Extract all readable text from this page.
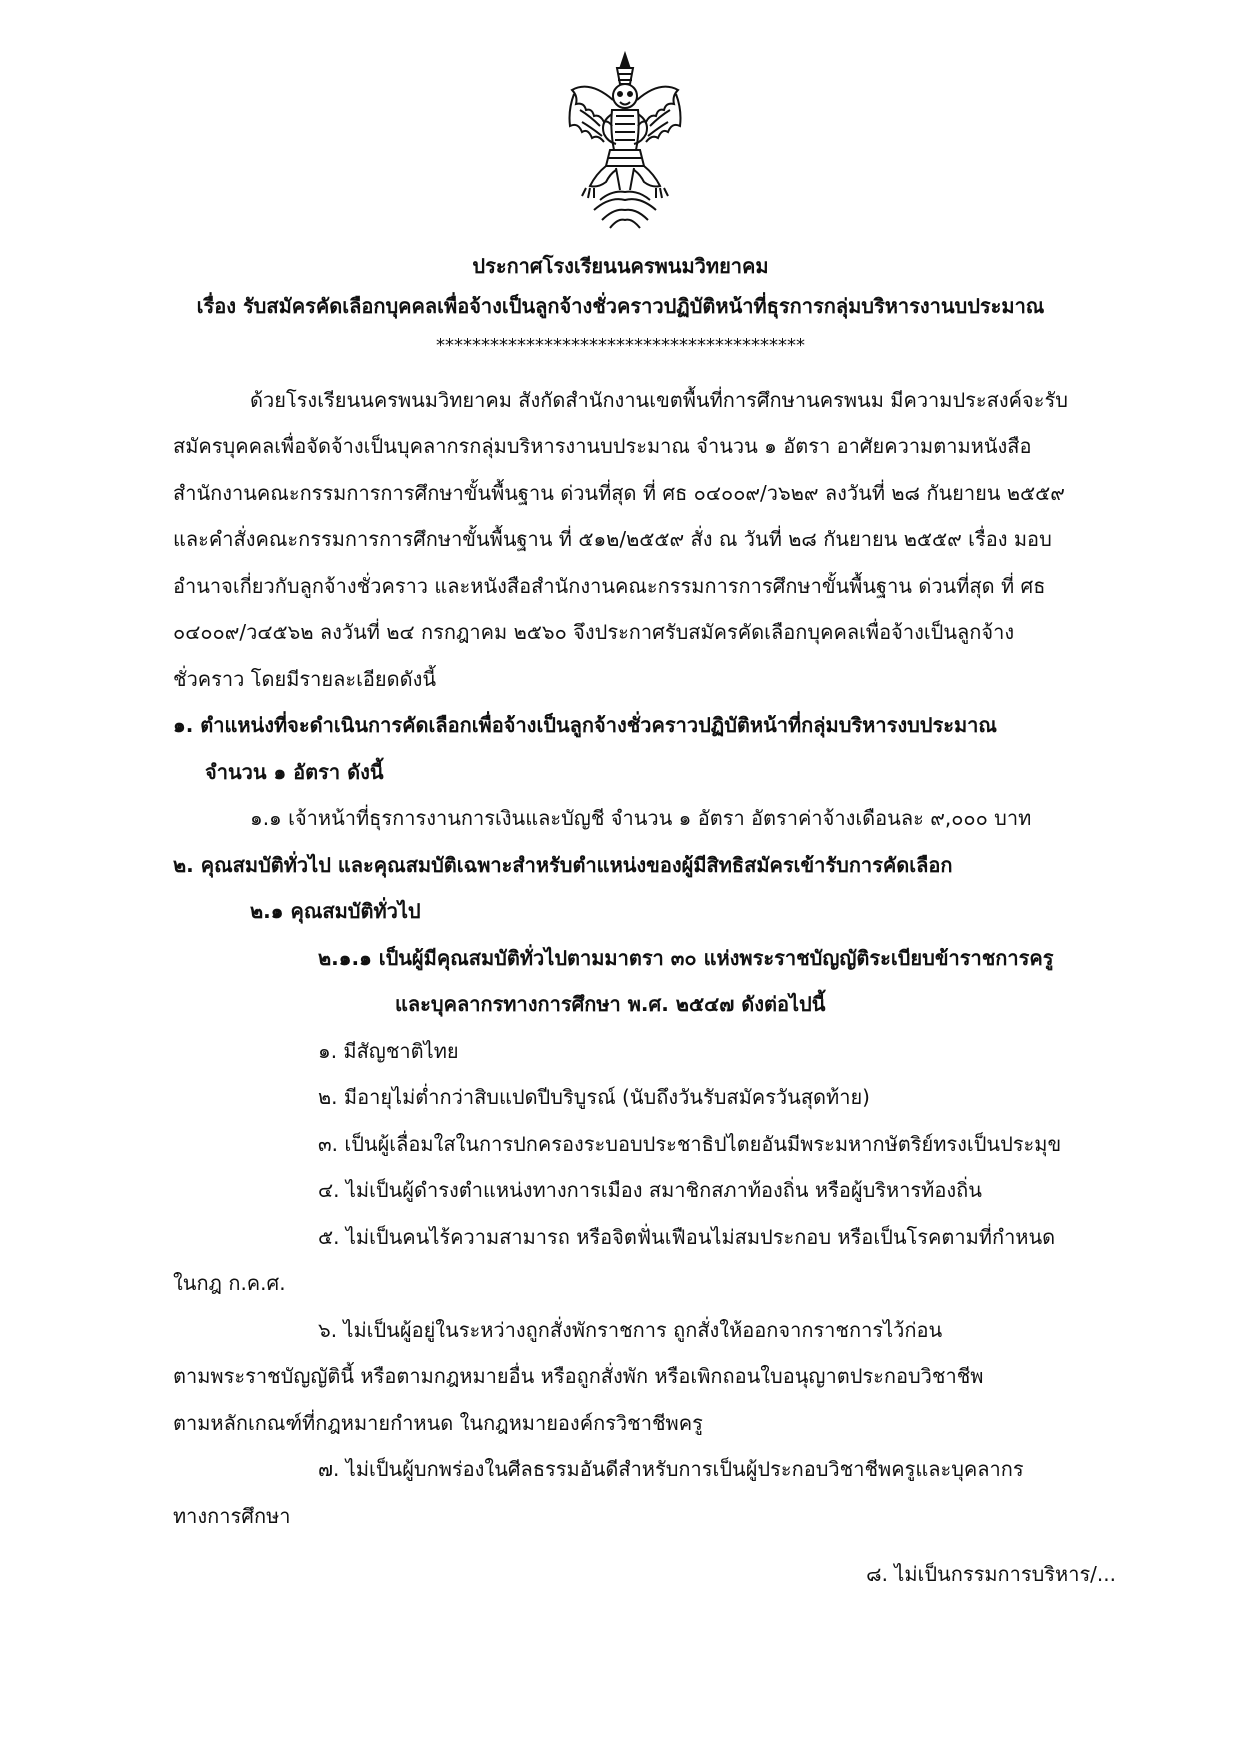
ประกาศโรงเรียนนครพนมวิทยาคม
เรื่อง รับสมัครคัดเลือกบุคคลเพื่อจ้างเป็นลูกจ้างชั่วคราวปฏิบัติหน้าที่ธุรการกลุ่มบริหารงานบประมาณ
*****************************************
ด้วยโรงเรียนนครพนมวิทยาคม สังกัดสำนักงานเขตพื้นที่การศึกษานครพนม มีความประสงค์จะรับ
สมัครบุคคลเพื่อจัดจ้างเป็นบุคลากรกลุ่มบริหารงานบประมาณ จำนวน ๑ อัตรา อาศัยความตามหนังสือ
สำนักงานคณะกรรมการการศึกษาขั้นพื้นฐาน ด่วนที่สุด ที่ ศธ ๐๔๐๐๙/ว๖๒๙ ลงวันที่ ๒๘ กันยายน ๒๕๕๙
และคำสั่งคณะกรรมการการศึกษาขั้นพื้นฐาน ที่ ๕๑๒/๒๕๕๙ สั่ง ณ วันที่ ๒๘ กันยายน ๒๕๕๙ เรื่อง มอบ
อำนาจเกี่ยวกับลูกจ้างชั่วคราว และหนังสือสำนักงานคณะกรรมการการศึกษาขั้นพื้นฐาน ด่วนที่สุด ที่ ศธ
๐๔๐๐๙/ว๔๕๖๒ ลงวันที่ ๒๔ กรกฎาคม ๒๕๖๐ จึงประกาศรับสมัครคัดเลือกบุคคลเพื่อจ้างเป็นลูกจ้าง
ชั่วคราว โดยมีรายละเอียดดังนี้
๑. ตำแหน่งที่จะดำเนินการคัดเลือกเพื่อจ้างเป็นลูกจ้างชั่วคราวปฏิบัติหน้าที่กลุ่มบริหารงบประมาณ
จำนวน ๑ อัตรา ดังนี้
๑.๑ เจ้าหน้าที่ธุรการงานการเงินและบัญชี จำนวน ๑ อัตรา อัตราค่าจ้างเดือนละ ๙,๐๐๐ บาท
๒. คุณสมบัติทั่วไป และคุณสมบัติเฉพาะสำหรับตำแหน่งของผู้มีสิทธิสมัครเข้ารับการคัดเลือก
๒.๑ คุณสมบัติทั่วไป
๒.๑.๑ เป็นผู้มีคุณสมบัติทั่วไปตามมาตรา ๓๐ แห่งพระราชบัญญัติระเบียบข้าราชการครู
และบุคลากรทางการศึกษา พ.ศ. ๒๕๔๗ ดังต่อไปนี้
๑. มีสัญชาติไทย
๒. มีอายุไม่ต่ำกว่าสิบแปดปีบริบูรณ์ (นับถึงวันรับสมัครวันสุดท้าย)
๓. เป็นผู้เลื่อมใสในการปกครองระบอบประชาธิปไตยอันมีพระมหากษัตริย์ทรงเป็นประมุข
๔. ไม่เป็นผู้ดำรงตำแหน่งทางการเมือง สมาชิกสภาท้องถิ่น หรือผู้บริหารท้องถิ่น
๕. ไม่เป็นคนไร้ความสามารถ หรือจิตฟั่นเฟือนไม่สมประกอบ หรือเป็นโรคตามที่กำหนด
ในกฎ ก.ค.ศ.
๖. ไม่เป็นผู้อยู่ในระหว่างถูกสั่งพักราชการ ถูกสั่งให้ออกจากราชการไว้ก่อน
ตามพระราชบัญญัตินี้ หรือตามกฎหมายอื่น หรือถูกสั่งพัก หรือเพิกถอนใบอนุญาตประกอบวิชาชีพ
ตามหลักเกณฑ์ที่กฎหมายกำหนด ในกฎหมายองค์กรวิชาชีพครู
๗. ไม่เป็นผู้บกพร่องในศีลธรรมอันดีสำหรับการเป็นผู้ประกอบวิชาชีพครูและบุคลากร
ทางการศึกษา
๘. ไม่เป็นกรรมการบริหาร/...
